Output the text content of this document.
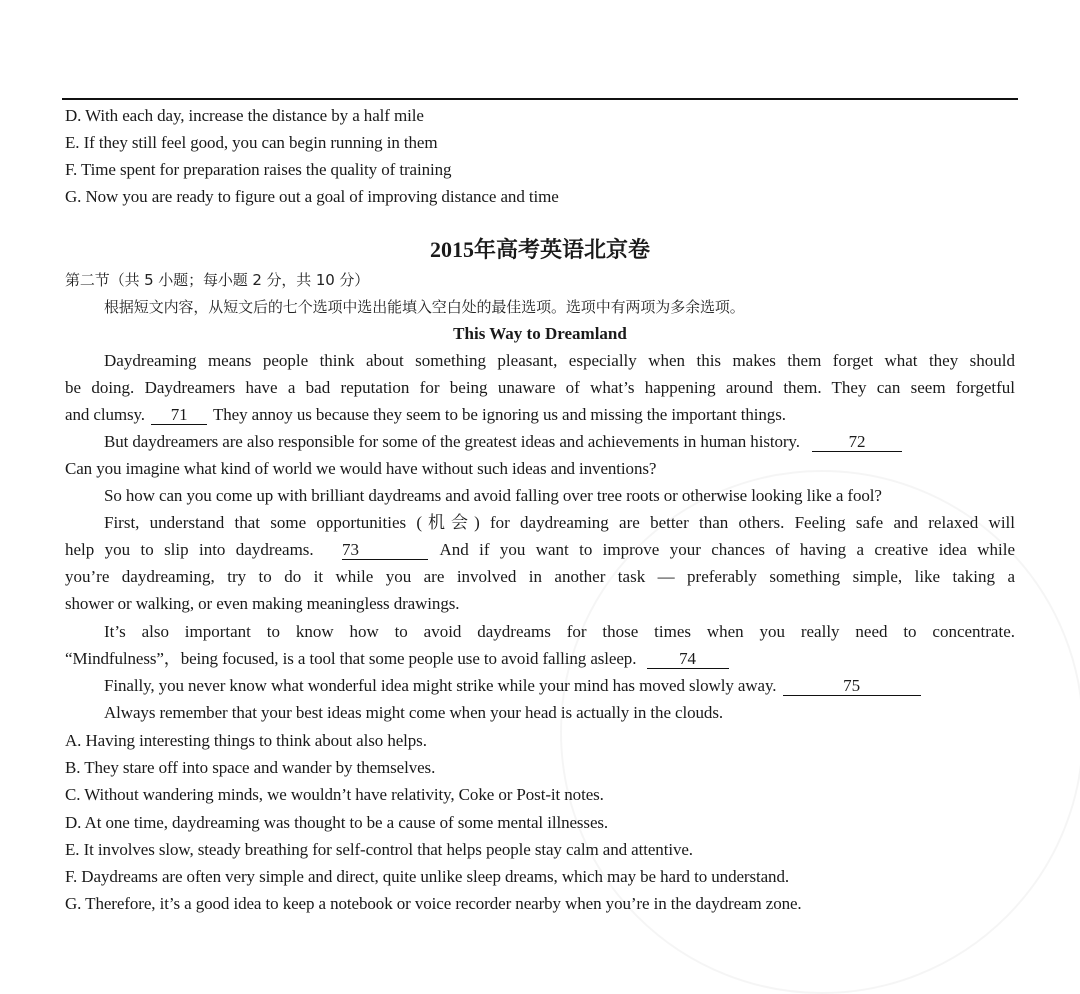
D. With each day, increase the distance by a half mile
E. If they still feel good, you can begin running in them
F. Time spent for preparation raises the quality of training
G. Now you are ready to figure out a goal of improving distance and time
2015年高考英语北京卷
第二节（共 5 小题；每小题 2 分，共 10 分）
根据短文内容，从短文后的七个选项中选出能填入空白处的最佳选项。选项中有两项为多余选项。
This Way to Dreamland
Daydreaming means people think about something pleasant, especially when this makes them forget what they should
be doing. Daydreamers have a bad reputation for being unaware of what’s happening around them. They can seem forgetful
and clumsy. 71 They annoy us because they seem to be ignoring us and missing the important things.
But daydreamers are also responsible for some of the greatest ideas and achievements in human history.	72
Can you imagine what kind of world we would have without such ideas and inventions?
So how can you come up with brilliant daydreams and avoid falling over tree roots or otherwise looking like a fool?
First, understand that some opportunities (机会) for daydreaming are better than others. Feeling safe and relaxed will
help you to slip into daydreams. 73	And if you want to improve your chances of having a creative idea while
you’re daydreaming, try to do it while you are involved in another task — preferably something simple, like taking a
shower or walking, or even making meaningless drawings.
It’s also important to know how to avoid daydreams for those times when you really need to concentrate.
“Mindfulness”，being focused, is a tool that some people use to avoid falling asleep.	74
Finally, you never know what wonderful idea might strike while your mind has moved slowly away.	75
Always remember that your best ideas might come when your head is actually in the clouds.
A. Having interesting things to think about also helps.
B. They stare off into space and wander by themselves.
C. Without wandering minds, we wouldn’t have relativity, Coke or Post-it notes.
D. At one time, daydreaming was thought to be a cause of some mental illnesses.
E. It involves slow, steady breathing for self-control that helps people stay calm and attentive.
F. Daydreams are often very simple and direct, quite unlike sleep dreams, which may be hard to understand.
G. Therefore, it’s a good idea to keep a notebook or voice recorder nearby when you’re in the daydream zone.
